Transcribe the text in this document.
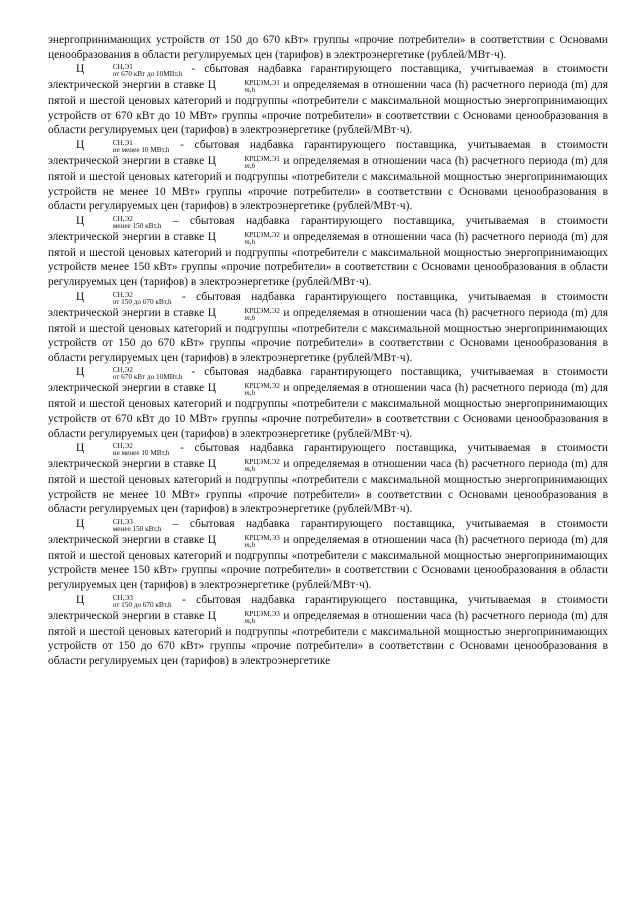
энергопринимающих устройств от 150 до 670 кВт» группы «прочие потребители» в соответствии с Основами ценообразования в области регулируемых цен (тарифов) в электроэнергетике (рублей/МВт·ч).

Ц	СН,Э1
от 670 кВт до 10МВт,h - сбытовая надбавка гарантирующего поставщика, учитываемая в стоимости электрической энергии в ставке Ц	КРЦЭМ,Э1
m,h	и определяемая в отношении часа (h) расчетного периода (m) для пятой и шестой ценовых категорий и подгруппы «потребители с максимальной мощностью энергопринимающих устройств от 670 кВт до 10 МВт» группы «прочие потребители» в соответствии с Основами ценообразования в области регулируемых цен (тарифов) в электроэнергетике (рублей/МВт·ч).

Ц	СН,Э1
не менее 10 МВт,h - сбытовая надбавка гарантирующего поставщика, учитываемая в стоимости электрической энергии в ставке Ц	КРЦЭМ,Э1
m,h	и определяемая в отношении часа (h) расчетного периода (m) для пятой и шестой ценовых категорий и подгруппы «потребители с максимальной мощностью энергопринимающих устройств не менее 10 МВт» группы «прочие потребители» в соответствии с Основами ценообразования в области регулируемых цен (тарифов) в электроэнергетике (рублей/МВт·ч).

Ц	СН,Э2
менее 150 кВт,h – сбытовая надбавка гарантирующего поставщика, учитываемая в стоимости электрической энергии в ставке Ц	КРЦЭМ,Э2
m,h	и определяемая в отношении часа (h) расчетного периода (m) для пятой и шестой ценовых категорий и подгруппы «потребители с максимальной мощностью энергопринимающих устройств менее 150 кВт» группы «прочие потребители» в соответствии с Основами ценообразования в области регулируемых цен (тарифов) в электроэнергетике (рублей/МВт·ч).

Ц	СН,Э2
от 150 до 670 кВт,h - сбытовая надбавка гарантирующего поставщика, учитываемая в стоимости электрической энергии в ставке Ц	КРЦЭМ,Э2
m,h	и определяемая в отношении часа (h) расчетного периода (m) для пятой и шестой ценовых категорий и подгруппы «потребители с максимальной мощностью энергопринимающих устройств от 150 до 670 кВт» группы «прочие потребители» в соответствии с Основами ценообразования в области регулируемых цен (тарифов) в электроэнергетике (рублей/МВт·ч).

Ц	СН,Э2
от 670 кВт до 10МВт,h - сбытовая надбавка гарантирующего поставщика, учитываемая в стоимости электрической энергии в ставке Ц	КРЦЭМ,Э2
m,h	и определяемая в отношении часа (h) расчетного периода (m) для пятой и шестой ценовых категорий и подгруппы «потребители с максимальной мощностью энергопринимающих устройств от 670 кВт до 10 МВт» группы «прочие потребители» в соответствии с Основами ценообразования в области регулируемых цен (тарифов) в электроэнергетике (рублей/МВт·ч).

Ц	СН,Э2
не менее 10 МВт,h - сбытовая надбавка гарантирующего поставщика, учитываемая в стоимости электрической энергии в ставке Ц	КРЦЭМ,Э2
m,h	и определяемая в отношении часа (h) расчетного периода (m) для пятой и шестой ценовых категорий и подгруппы «потребители с максимальной мощностью энергопринимающих устройств не менее 10 МВт» группы «прочие потребители» в соответствии с Основами ценообразования в области регулируемых цен (тарифов) в электроэнергетике (рублей/МВт·ч).

Ц	СН,Э3
менее 150 кВт,h – сбытовая надбавка гарантирующего поставщика, учитываемая в стоимости электрической энергии в ставке Ц	КРЦЭМ,Э3
m,h	и определяемая в отношении часа (h) расчетного периода (m) для пятой и шестой ценовых категорий и подгруппы «потребители с максимальной мощностью энергопринимающих устройств менее 150 кВт» группы «прочие потребители» в соответствии с Основами ценообразования в области регулируемых цен (тарифов) в электроэнергетике (рублей/МВт·ч).

Ц	СН,Э3
от 150 до 670 кВт,h - сбытовая надбавка гарантирующего поставщика, учитываемая в стоимости электрической энергии в ставке Ц	КРЦЭМ,Э3
m,h	и определяемая в отношении часа (h) расчетного периода (m) для пятой и шестой ценовых категорий и подгруппы «потребители с максимальной мощностью энергопринимающих устройств от 150 до 670 кВт» группы «прочие потребители» в соответствии с Основами ценообразования в области регулируемых цен (тарифов) в электроэнергетике
